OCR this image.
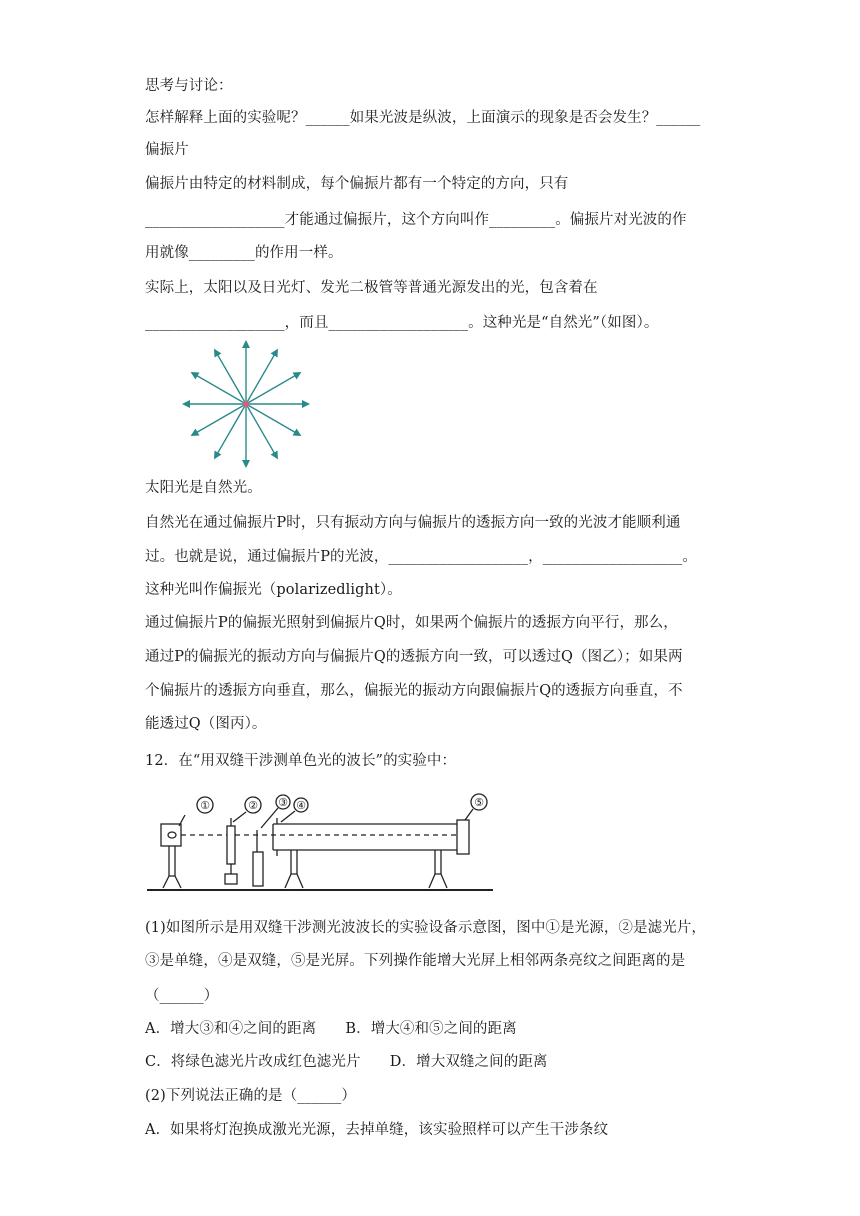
思考与讨论：
怎样解释上面的实验呢？______如果光波是纵波，上面演示的现象是否会发生？______
偏振片
偏振片由特定的材料制成，每个偏振片都有一个特定的方向，只有
___________________才能通过偏振片，这个方向叫作_________。偏振片对光波的作
用就像_________的作用一样。
实际上，太阳以及日光灯、发光二极管等普通光源发出的光，包含着在
___________________，而且___________________。这种光是“自然光”（如图）。
太阳光是自然光。
自然光在通过偏振片P时，只有振动方向与偏振片的透振方向一致的光波才能顺利通
过。也就是说，通过偏振片P的光波，___________________，___________________。
这种光叫作偏振光（polarizedlight）。
通过偏振片P的偏振光照射到偏振片Q时，如果两个偏振片的透振方向平行，那么，
通过P的偏振光的振动方向与偏振片Q的透振方向一致，可以透过Q（图乙）；如果两
个偏振片的透振方向垂直，那么，偏振光的振动方向跟偏振片Q的透振方向垂直，不
能透过Q（图丙）。
12．在“用双缝干涉测单色光的波长”的实验中：
①	② ③ ④	⑤
(1)如图所示是用双缝干涉测光波波长的实验设备示意图，图中①是光源，②是滤光片，
③是单缝，④是双缝，⑤是光屏。下列操作能增大光屏上相邻两条亮纹之间距离的是
（______）
A．增大③和④之间的距离　　B．增大④和⑤之间的距离
C．将绿色滤光片改成红色滤光片　　D．增大双缝之间的距离
(2)下列说法正确的是（______）
A．如果将灯泡换成激光光源，去掉单缝，该实验照样可以产生干涉条纹
